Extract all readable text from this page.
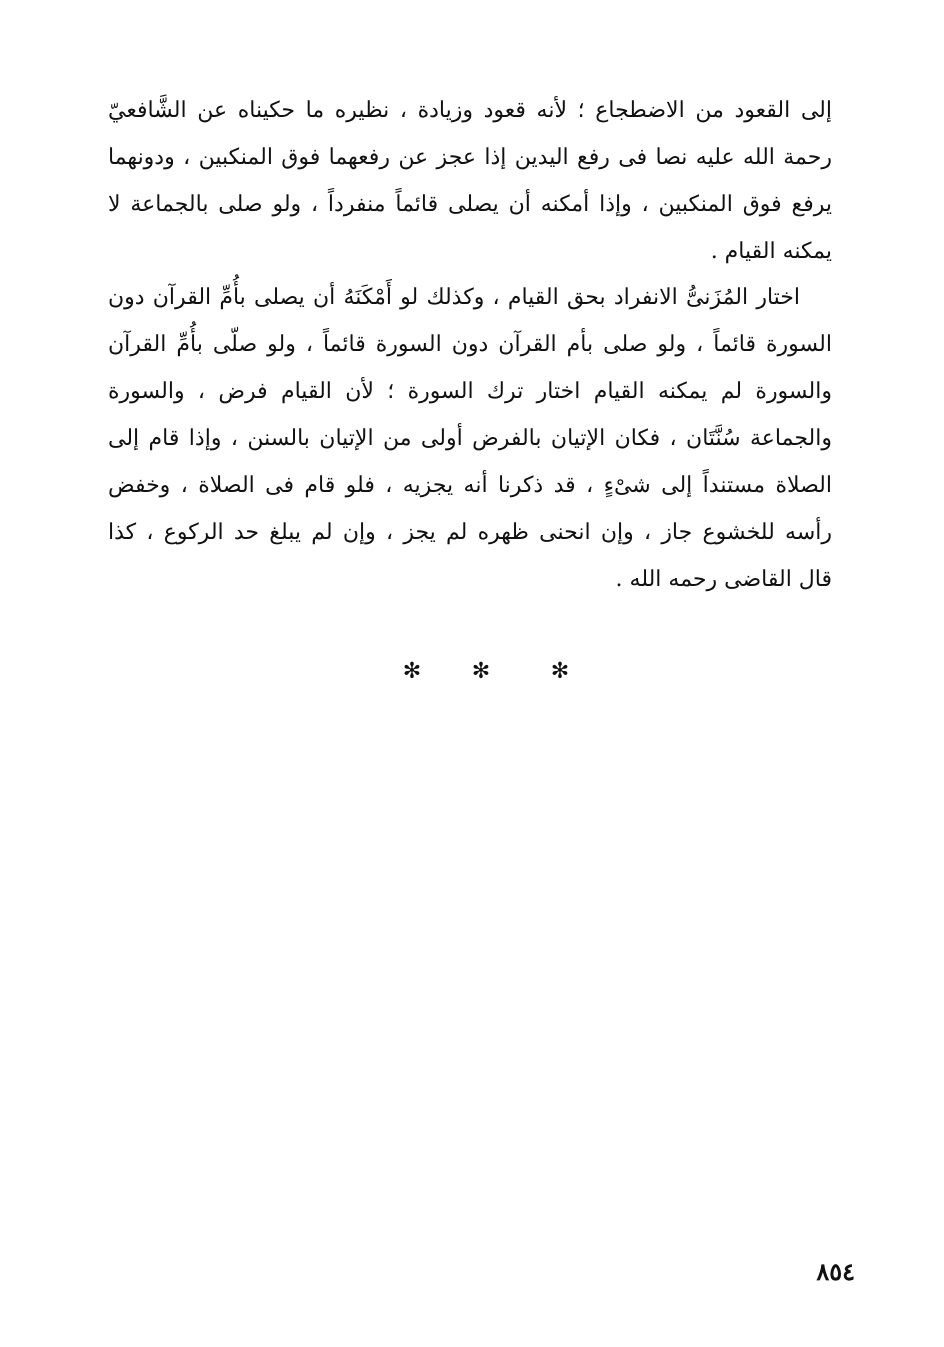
إلى القعود من الاضطجاع ؛ لأنه قعود وزيادة ، نظيره ما حكيناه عن الشَّافعيّ
رحمة الله عليه نصا فى رفع اليدين إذا عجز عن رفعهما فوق المنكبين ، ودونهما
يرفع فوق المنكبين ، وإذا أمكنه أن يصلى قائماً منفرداً ، ولو صلى بالجماعة لا
يمكنه القيام .
اختار المُزَنىُّ الانفراد بحق القيام ، وكذلك لو أَمْكَنَهُ أن يصلى بأُمِّ القرآن دون
السورة قائماً ، ولو صلى بأم القرآن دون السورة قائماً ، ولو صلّى بأُمِّ القرآن
والسورة لم يمكنه القيام اختار ترك السورة ؛ لأن القيام فرض ، والسورة
والجماعة سُنَّتَان ، فكان الإتيان بالفرض أولى من الإتيان بالسنن ، وإذا قام إلى
الصلاة مستنداً إلى شىْءٍ ، قد ذكرنا أنه يجزيه ، فلو قام فى الصلاة ، وخفض
رأسه للخشوع جاز ، وإن انحنى ظهره لم يجز ، وإن لم يبلغ حد الركوع ، كذا
قال القاضى رحمه الله .
✻ ✻	✻
٨٥٤
